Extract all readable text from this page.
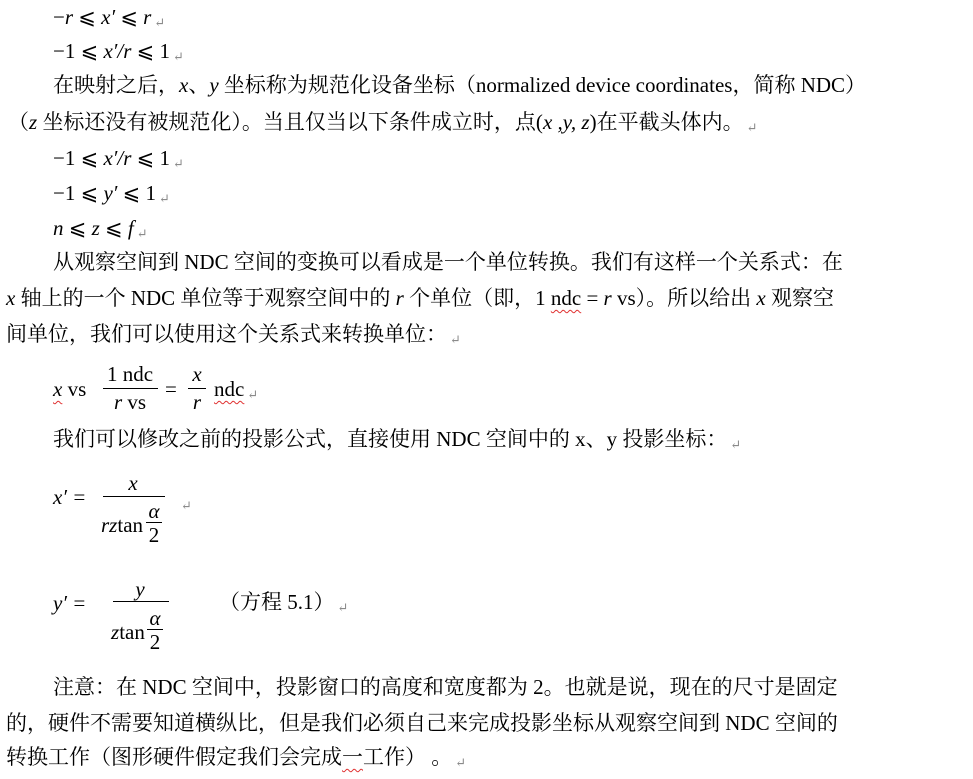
−r ⩽ x′ ⩽ r ↵
−1 ⩽ x′/r ⩽ 1 ↵
在映射之后，x、y 坐标称为规范化设备坐标（normalized device coordinates，简称 NDC）
（z 坐标还没有被规范化）。当且仅当以下条件成立时，点(x ,y, z)在平截头体内。 ↵
−1 ⩽ x′/r ⩽ 1 ↵
−1 ⩽ y′ ⩽ 1 ↵
n ⩽ z ⩽ f ↵
从观察空间到 NDC 空间的变换可以看成是一个单位转换。我们有这样一个关系式：在
x 轴上的一个 NDC 单位等于观察空间中的 r 个单位（即，1 ndc = r vs）。所以给出 x 观察空
间单位，我们可以使用这个关系式来转换单位： ↵
x vs
1 ndc
r vs
=
x
r
ndc ↵
我们可以修改之前的投影公式，直接使用 NDC 空间中的 x、y 投影坐标： ↵
x′ =
x
rztan
α
2
↵
y′ =
y
ztan
α
2
（方程 5.1） ↵
注意：在 NDC 空间中，投影窗口的高度和宽度都为 2。也就是说，现在的尺寸是固定
的，硬件不需要知道横纵比，但是我们必须自己来完成投影坐标从观察空间到 NDC 空间的
转换工作（图形硬件假定我们会完成一工作） 。 ↵
